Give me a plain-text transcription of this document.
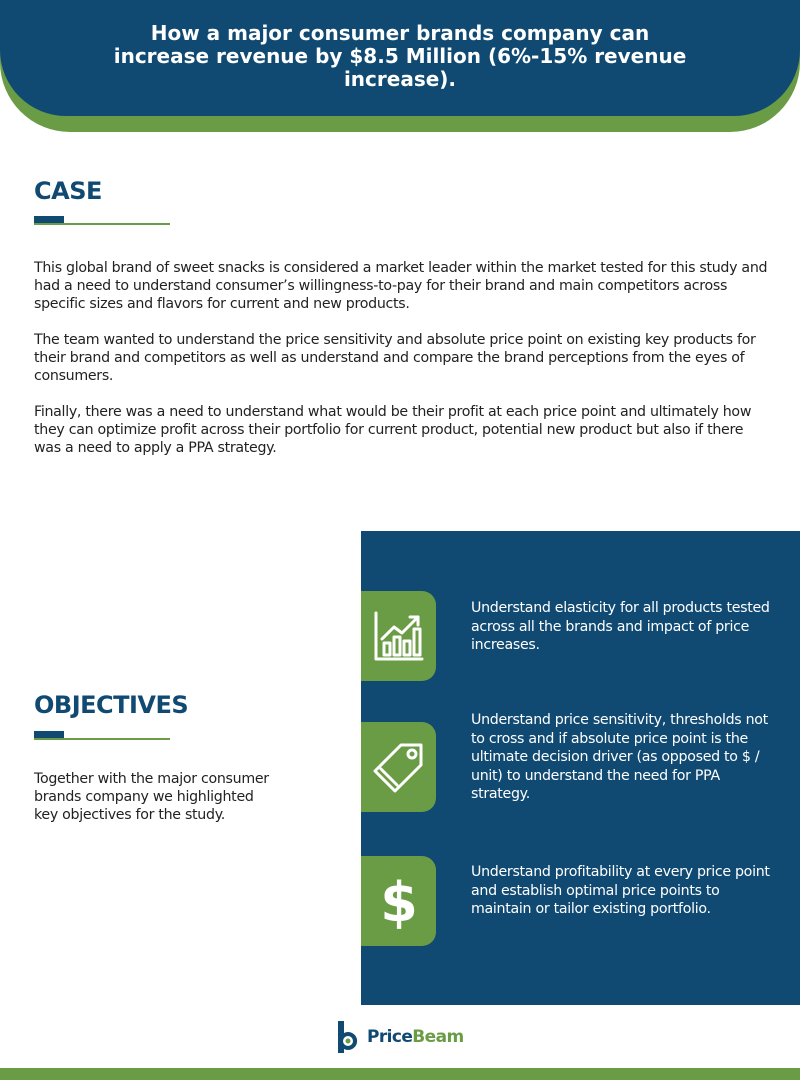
How a major consumer brands company can increase revenue by $8.5 Million (6%-15% revenue increase).
CASE

This global brand of sweet snacks is considered a market leader within the market tested for this study and had a need to understand consumer’s willingness-to-pay for their brand and main competitors across specific sizes and flavors for current and new products.

The team wanted to understand the price sensitivity and absolute price point on existing key products for their brand and competitors as well as understand and compare the brand perceptions from the eyes of consumers.

Finally, there was a need to understand what would be their profit at each price point and ultimately how they can optimize profit across their portfolio for current product, potential new product but also if there was a need to apply a PPA strategy.

OBJECTIVES
Together with the major consumer brands company we highlighted key objectives for the study.
Understand elasticity for all products tested across all the brands and impact of price increases.
Understand price sensitivity, thresholds not to cross and if absolute price point is the ultimate decision driver (as opposed to $ / unit) to understand the need for PPA strategy.
$	Understand profitability at every price point and establish optimal price points to maintain or tailor existing portfolio.
PriceBeam
